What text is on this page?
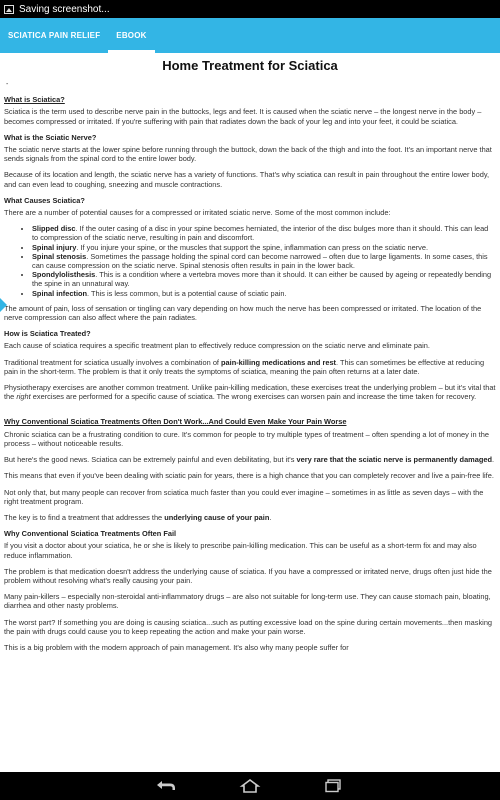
Saving screenshot...
SCIATICA PAIN RELIEF	EBOOK
Home Treatment for Sciatica
-
What is Sciatica?

Sciatica is the term used to describe nerve pain in the buttocks, legs and feet. It is caused when the sciatic nerve – the longest nerve in the body – becomes compressed or irritated. If you're suffering with pain that radiates down the back of your leg and into your feet, it could be sciatica.

What is the Sciatic Nerve?

The sciatic nerve starts at the lower spine before running through the buttock, down the back of the thigh and into the foot. It's an important nerve that sends signals from the spinal cord to the entire lower body.

Because of its location and length, the sciatic nerve has a variety of functions. That's why sciatica can result in pain throughout the entire lower body, and can even lead to coughing, sneezing and muscle contractions.

What Causes Sciatica?

There are a number of potential causes for a compressed or irritated sciatic nerve. Some of the most common include:

• Slipped disc. If the outer casing of a disc in your spine becomes herniated, the interior of the disc bulges more than it should. This can lead to compression of the sciatic nerve, resulting in pain and discomfort.
• Spinal injury. If you injure your spine, or the muscles that support the spine, inflammation can press on the sciatic nerve.
• Spinal stenosis. Sometimes the passage holding the spinal cord can become narrowed – often due to large ligaments. In some cases, this can cause compression on the sciatic nerve. Spinal stenosis often results in pain in the lower back.
• Spondylolisthesis. This is a condition where a vertebra moves more than it should. It can either be caused by ageing or repeatedly bending the spine in an unnatural way.
• Spinal infection. This is less common, but is a potential cause of sciatic pain.

The amount of pain, loss of sensation or tingling can vary depending on how much the nerve has been compressed or irritated. The location of the nerve compression can also affect where the pain radiates.

How is Sciatica Treated?

Each cause of sciatica requires a specific treatment plan to effectively reduce compression on the sciatic nerve and eliminate pain.

Traditional treatment for sciatica usually involves a combination of pain-killing medications and rest. This can sometimes be effective at reducing pain in the short-term. The problem is that it only treats the symptoms of sciatica, meaning the pain often returns at a later date.

Physiotherapy exercises are another common treatment. Unlike pain-killing medication, these exercises treat the underlying problem – but it's vital that the right exercises are performed for a specific cause of sciatica. The wrong exercises can worsen pain and increase the time taken for recovery.

Why Conventional Sciatica Treatments Often Don't Work...And Could Even Make Your Pain Worse

Chronic sciatica can be a frustrating condition to cure. It's common for people to try multiple types of treatment – often spending a lot of money in the process – without noticeable results.

But here's the good news. Sciatica can be extremely painful and even debilitating, but it's very rare that the sciatic nerve is permanently damaged.

This means that even if you've been dealing with sciatic pain for years, there is a high chance that you can completely recover and live a pain-free life.

Not only that, but many people can recover from sciatica much faster than you could ever imagine – sometimes in as little as seven days – with the right treatment program.

The key is to find a treatment that addresses the underlying cause of your pain.

Why Conventional Sciatica Treatments Often Fail

If you visit a doctor about your sciatica, he or she is likely to prescribe pain-killing medication. This can be useful as a short-term fix and may also reduce inflammation.

The problem is that medication doesn't address the underlying cause of sciatica. If you have a compressed or irritated nerve, drugs often just hide the problem without resolving what's really causing your pain.

Many pain-killers – especially non-steroidal anti-inflammatory drugs – are also not suitable for long-term use. They can cause stomach pain, bloating, diarrhea and other nasty problems.

The worst part? If something you are doing is causing sciatica...such as putting excessive load on the spine during certain movements...then masking the pain with drugs could cause you to keep repeating the action and make your pain worse.

This is a big problem with the modern approach of pain management. It's also why many people suffer for
